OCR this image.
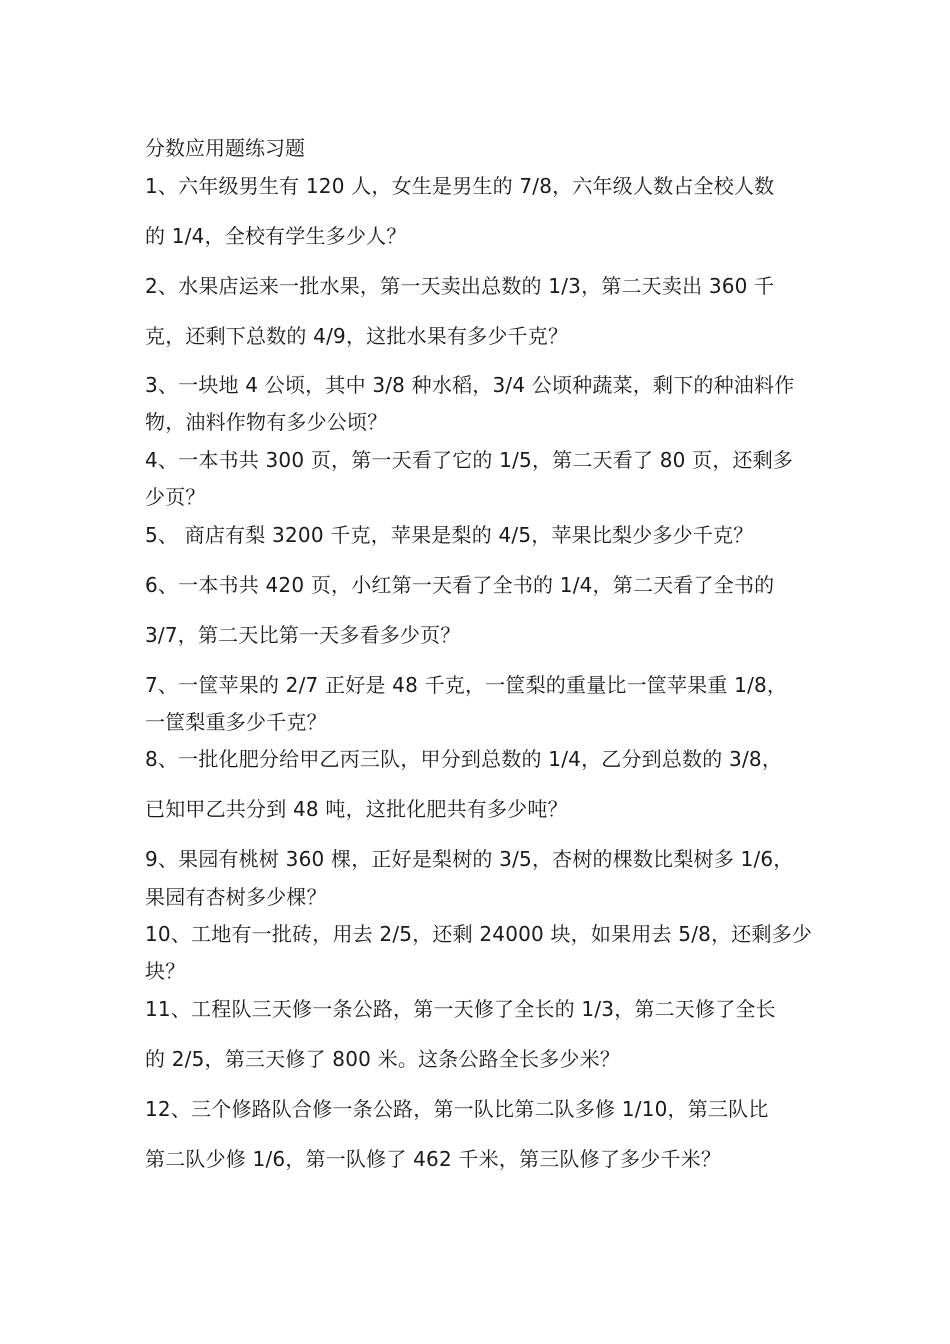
分数应用题练习题
1、六年级男生有 120 人，女生是男生的 7/8，六年级人数占全校人数
的 1/4，全校有学生多少人？
2、水果店运来一批水果，第一天卖出总数的 1/3，第二天卖出 360 千
克，还剩下总数的 4/9，这批水果有多少千克？
3、一块地 4 公顷，其中 3/8 种水稻，3/4 公顷种蔬菜，剩下的种油料作
物，油料作物有多少公顷？
4、一本书共 300 页，第一天看了它的 1/5，第二天看了 80 页，还剩多
少页？
5、 商店有梨 3200 千克，苹果是梨的 4/5，苹果比梨少多少千克？
6、一本书共 420 页，小红第一天看了全书的 1/4，第二天看了全书的
3/7，第二天比第一天多看多少页？
7、一筐苹果的 2/7 正好是 48 千克，一筐梨的重量比一筐苹果重 1/8，
一筐梨重多少千克？
8、一批化肥分给甲乙丙三队，甲分到总数的 1/4，乙分到总数的 3/8，
已知甲乙共分到 48 吨，这批化肥共有多少吨？
9、果园有桃树 360 棵，正好是梨树的 3/5，杏树的棵数比梨树多 1/6，
果园有杏树多少棵？
10、工地有一批砖，用去 2/5，还剩 24000 块，如果用去 5/8，还剩多少
块？
11、工程队三天修一条公路，第一天修了全长的 1/3，第二天修了全长
的 2/5，第三天修了 800 米。这条公路全长多少米？
12、三个修路队合修一条公路，第一队比第二队多修 1/10，第三队比
第二队少修 1/6，第一队修了 462 千米，第三队修了多少千米？
